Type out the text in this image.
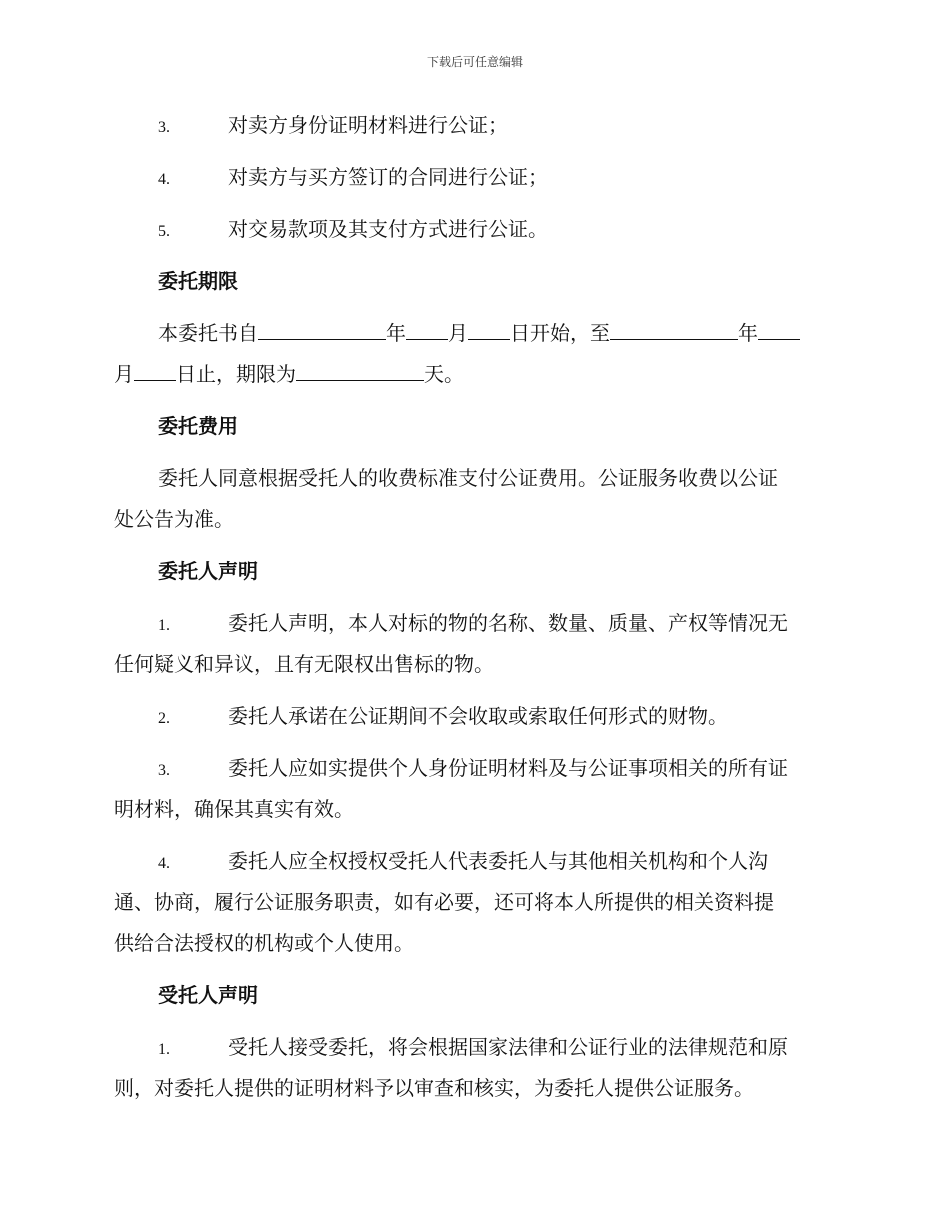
下载后可任意编辑
3.	对卖方身份证明材料进行公证；
4.	对卖方与买方签订的合同进行公证；
5.	对交易款项及其支付方式进行公证。
委托期限
本委托书自	年 月 日开始，至	年
月 日止，期限为	天。
委托费用
委托人同意根据受托人的收费标准支付公证费用。公证服务收费以公证
处公告为准。
委托人声明
1.	委托人声明，本人对标的物的名称、数量、质量、产权等情况无
任何疑义和异议，且有无限权出售标的物。
2.	委托人承诺在公证期间不会收取或索取任何形式的财物。
3.	委托人应如实提供个人身份证明材料及与公证事项相关的所有证
明材料，确保其真实有效。
4.	委托人应全权授权受托人代表委托人与其他相关机构和个人沟
通、协商，履行公证服务职责，如有必要，还可将本人所提供的相关资料提
供给合法授权的机构或个人使用。
受托人声明
1.	受托人接受委托，将会根据国家法律和公证行业的法律规范和原
则，对委托人提供的证明材料予以审查和核实，为委托人提供公证服务。
